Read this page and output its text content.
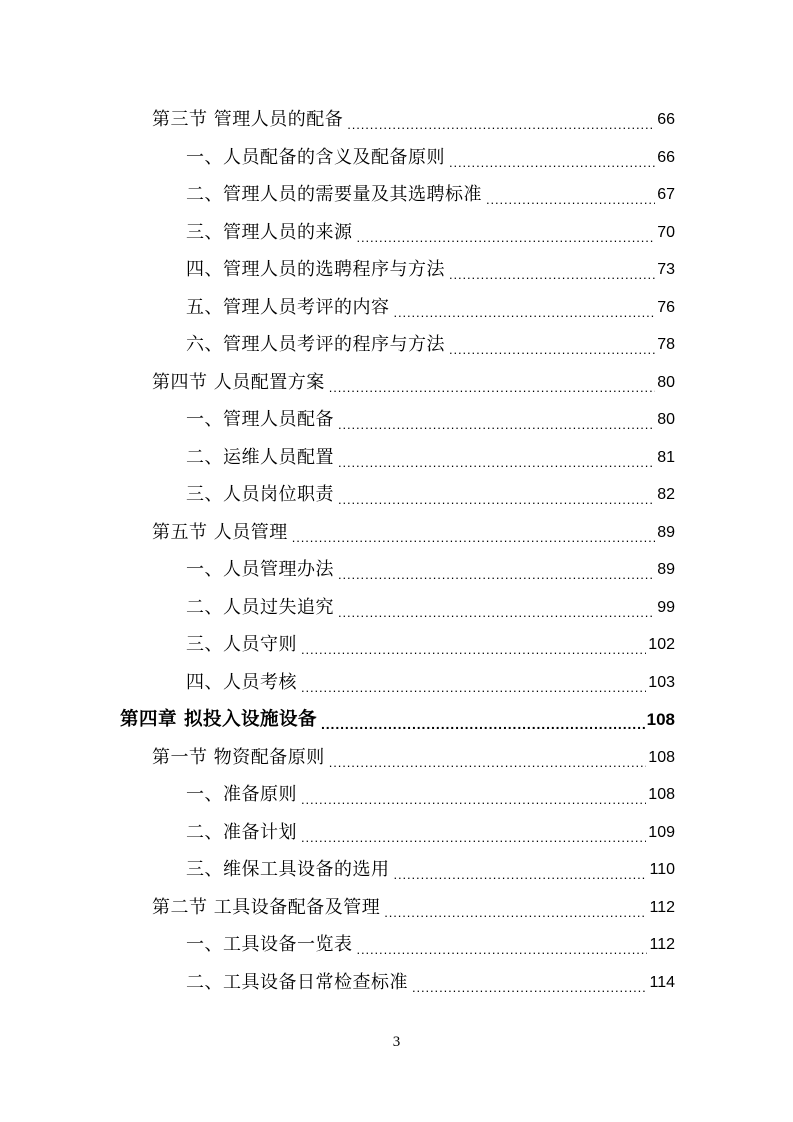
第三节 管理人员的配备 .....	66
一、人员配备的含义及配备原则 .....	66
二、管理人员的需要量及其选聘标准 .....	67
三、管理人员的来源 .....	70
四、管理人员的选聘程序与方法 .....	73
五、管理人员考评的内容 .....	76
六、管理人员考评的程序与方法 .....	78
第四节 人员配置方案 .....	80
一、管理人员配备 .....	80
二、运维人员配置 .....	81
三、人员岗位职责 .....	82
第五节 人员管理 .....	89
一、人员管理办法 .....	89
二、人员过失追究 .....	99
三、人员守则 .....	102
四、人员考核 .....	103
第四章 拟投入设施设备 .....	108
第一节 物资配备原则 .....	108
一、准备原则 .....	108
二、准备计划 .....	109
三、维保工具设备的选用 .....	110
第二节 工具设备配备及管理 .....	112
一、工具设备一览表 .....	112
二、工具设备日常检查标准 .....	114
3
